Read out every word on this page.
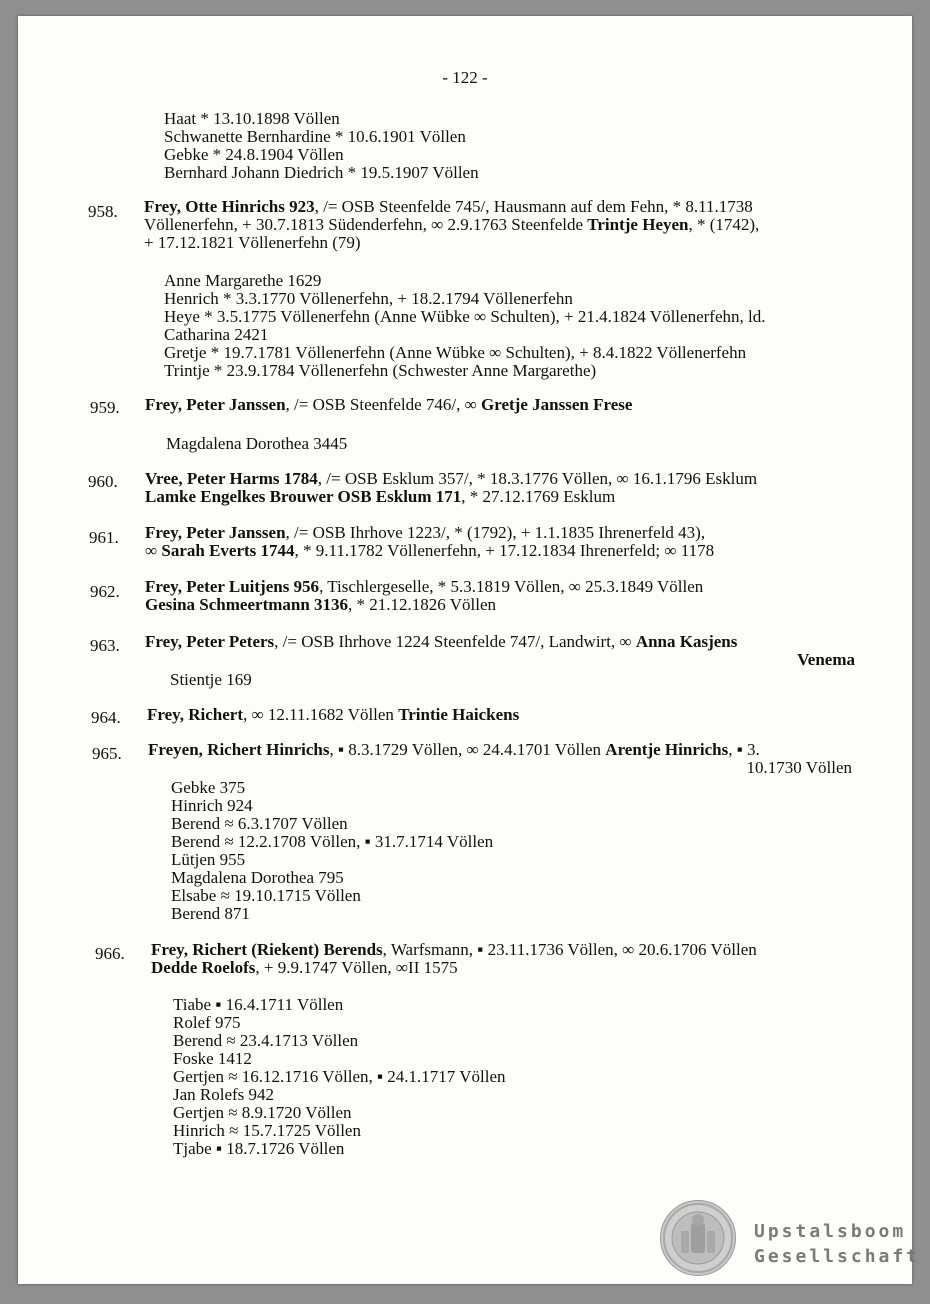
- 122 -
Haat * 13.10.1898 Völlen
Schwanette Bernhardine * 10.6.1901 Völlen
Gebke * 24.8.1904 Völlen
Bernhard Johann Diedrich * 19.5.1907 Völlen
958. Frey, Otte Hinrichs 923, /= OSB Steenfelde 745/, Hausmann auf dem Fehn, * 8.11.1738
Völlenerfehn, + 30.7.1813 Südenderfehn, ∞ 2.9.1763 Steenfelde Trintje Heyen, * (1742),
+ 17.12.1821 Völlenerfehn (79)
Anne Margarethe 1629
Henrich * 3.3.1770 Völlenerfehn, + 18.2.1794 Völlenerfehn
Heye * 3.5.1775 Völlenerfehn (Anne Wübke ∞ Schulten), + 21.4.1824 Völlenerfehn, ld.
Catharina 2421
Gretje * 19.7.1781 Völlenerfehn (Anne Wübke ∞ Schulten), + 8.4.1822 Völlenerfehn
Trintje * 23.9.1784 Völlenerfehn (Schwester Anne Margarethe)
959. Frey, Peter Janssen, /= OSB Steenfelde 746/, ∞ Gretje Janssen Frese
Magdalena Dorothea 3445
960. Vree, Peter Harms 1784, /= OSB Esklum 357/, * 18.3.1776 Völlen, ∞ 16.1.1796 Esklum
Lamke Engelkes Brouwer OSB Esklum 171, * 27.12.1769 Esklum
961. Frey, Peter Janssen, /= OSB Ihrhove 1223/, * (1792), + 1.1.1835 Ihrenerfeld 43),
∞ Sarah Everts 1744, * 9.11.1782 Völlenerfehn, + 17.12.1834 Ihrenerfeld; ∞ 1178
962. Frey, Peter Luitjens 956, Tischlergeselle, * 5.3.1819 Völlen, ∞ 25.3.1849 Völlen
Gesina Schmeertmann 3136, * 21.12.1826 Völlen
963. Frey, Peter Peters, /= OSB Ihrhove 1224 Steenfelde 747/, Landwirt, ∞ Anna Kasjens
Venema
Stientje 169
964. Frey, Richert, ∞ 12.11.1682 Völlen Trintie Haickens
965. Freyen, Richert Hinrichs, ▪ 8.3.1729 Völlen, ∞ 24.4.1701 Völlen Arentje Hinrichs, ▪ 3.
10.1730 Völlen
Gebke 375
Hinrich 924
Berend ≈ 6.3.1707 Völlen
Berend ≈ 12.2.1708 Völlen, ▪ 31.7.1714 Völlen
Lütjen 955
Magdalena Dorothea 795
Elsabe ≈ 19.10.1715 Völlen
Berend 871
966. Frey, Richert (Riekent) Berends, Warfsmann, ▪ 23.11.1736 Völlen, ∞ 20.6.1706 Völlen
Dedde Roelofs, + 9.9.1747 Völlen, ∞II 1575
Tiabe ▪ 16.4.1711 Völlen
Rolef 975
Berend ≈ 23.4.1713 Völlen
Foske 1412
Gertjen ≈ 16.12.1716 Völlen, ▪ 24.1.1717 Völlen
Jan Rolefs 942
Gertjen ≈ 8.9.1720 Völlen
Hinrich ≈ 15.7.1725 Völlen
Tjabe ▪ 18.7.1726 Völlen
Upstalsboom
Gesellschaft
